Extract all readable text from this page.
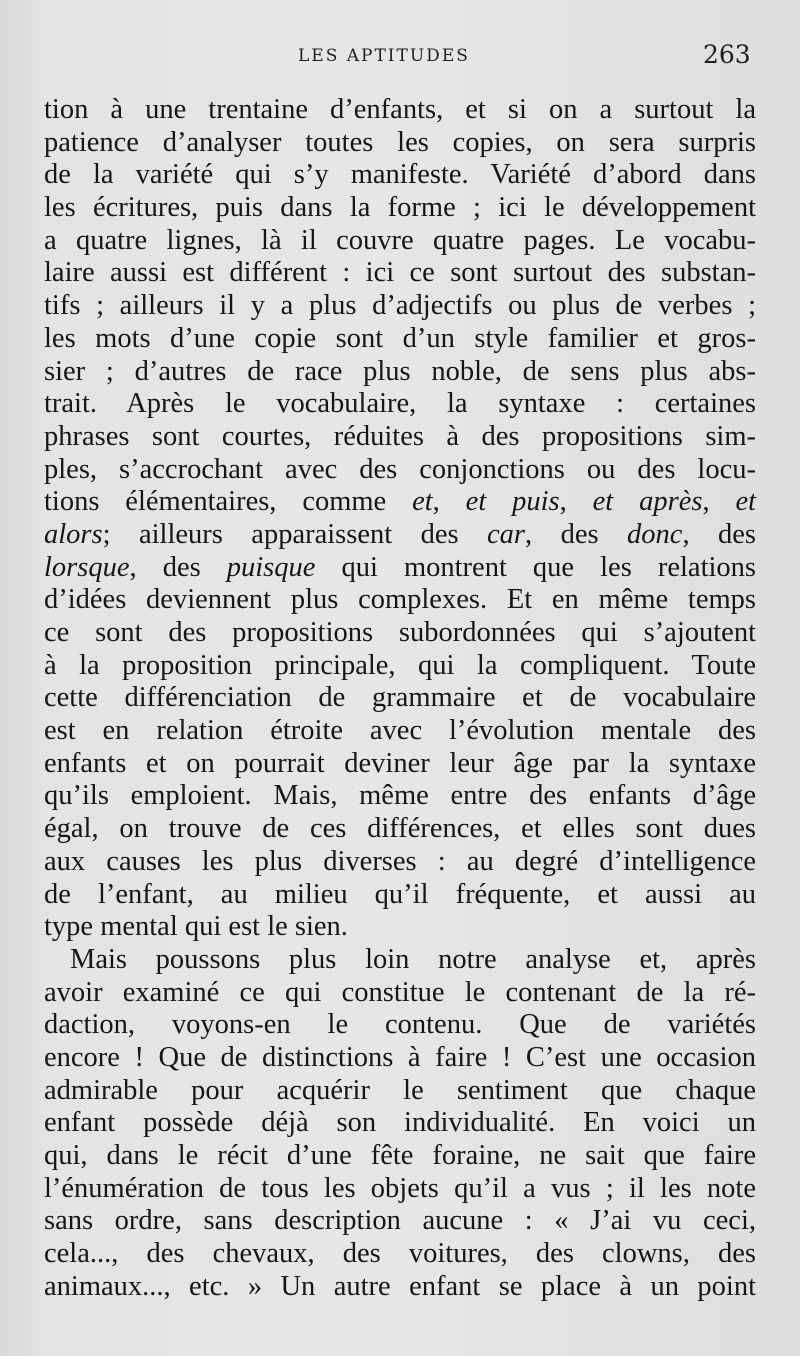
LES APTITUDES	263
tion à une trentaine d’enfants, et si on a surtout la
patience d’analyser toutes les copies, on sera surpris
de la variété qui s’y manifeste. Variété d’abord dans
les écritures, puis dans la forme ; ici le développement
a quatre lignes, là il couvre quatre pages. Le vocabu-
laire aussi est différent : ici ce sont surtout des substan-
tifs ; ailleurs il y a plus d’adjectifs ou plus de verbes ;
les mots d’une copie sont d’un style familier et gros-
sier ; d’autres de race plus noble, de sens plus abs-
trait. Après le vocabulaire, la syntaxe : certaines
phrases sont courtes, réduites à des propositions sim-
ples, s’accrochant avec des conjonctions ou des locu-
tions élémentaires, comme et, et puis, et après, et
alors; ailleurs apparaissent des car, des donc, des
lorsque, des puisque qui montrent que les relations
d’idées deviennent plus complexes. Et en même temps
ce sont des propositions subordonnées qui s’ajoutent
à la proposition principale, qui la compliquent. Toute
cette différenciation de grammaire et de vocabulaire
est en relation étroite avec l’évolution mentale des
enfants et on pourrait deviner leur âge par la syntaxe
qu’ils emploient. Mais, même entre des enfants d’âge
égal, on trouve de ces différences, et elles sont dues
aux causes les plus diverses : au degré d’intelligence
de l’enfant, au milieu qu’il fréquente, et aussi au
type mental qui est le sien.
Mais poussons plus loin notre analyse et, après
avoir examiné ce qui constitue le contenant de la ré-
daction, voyons-en le contenu. Que de variétés
encore ! Que de distinctions à faire ! C’est une occasion
admirable pour acquérir le sentiment que chaque
enfant possède déjà son individualité. En voici un
qui, dans le récit d’une fête foraine, ne sait que faire
l’énumération de tous les objets qu’il a vus ; il les note
sans ordre, sans description aucune : « J’ai vu ceci,
cela..., des chevaux, des voitures, des clowns, des
animaux..., etc. » Un autre enfant se place à un point
